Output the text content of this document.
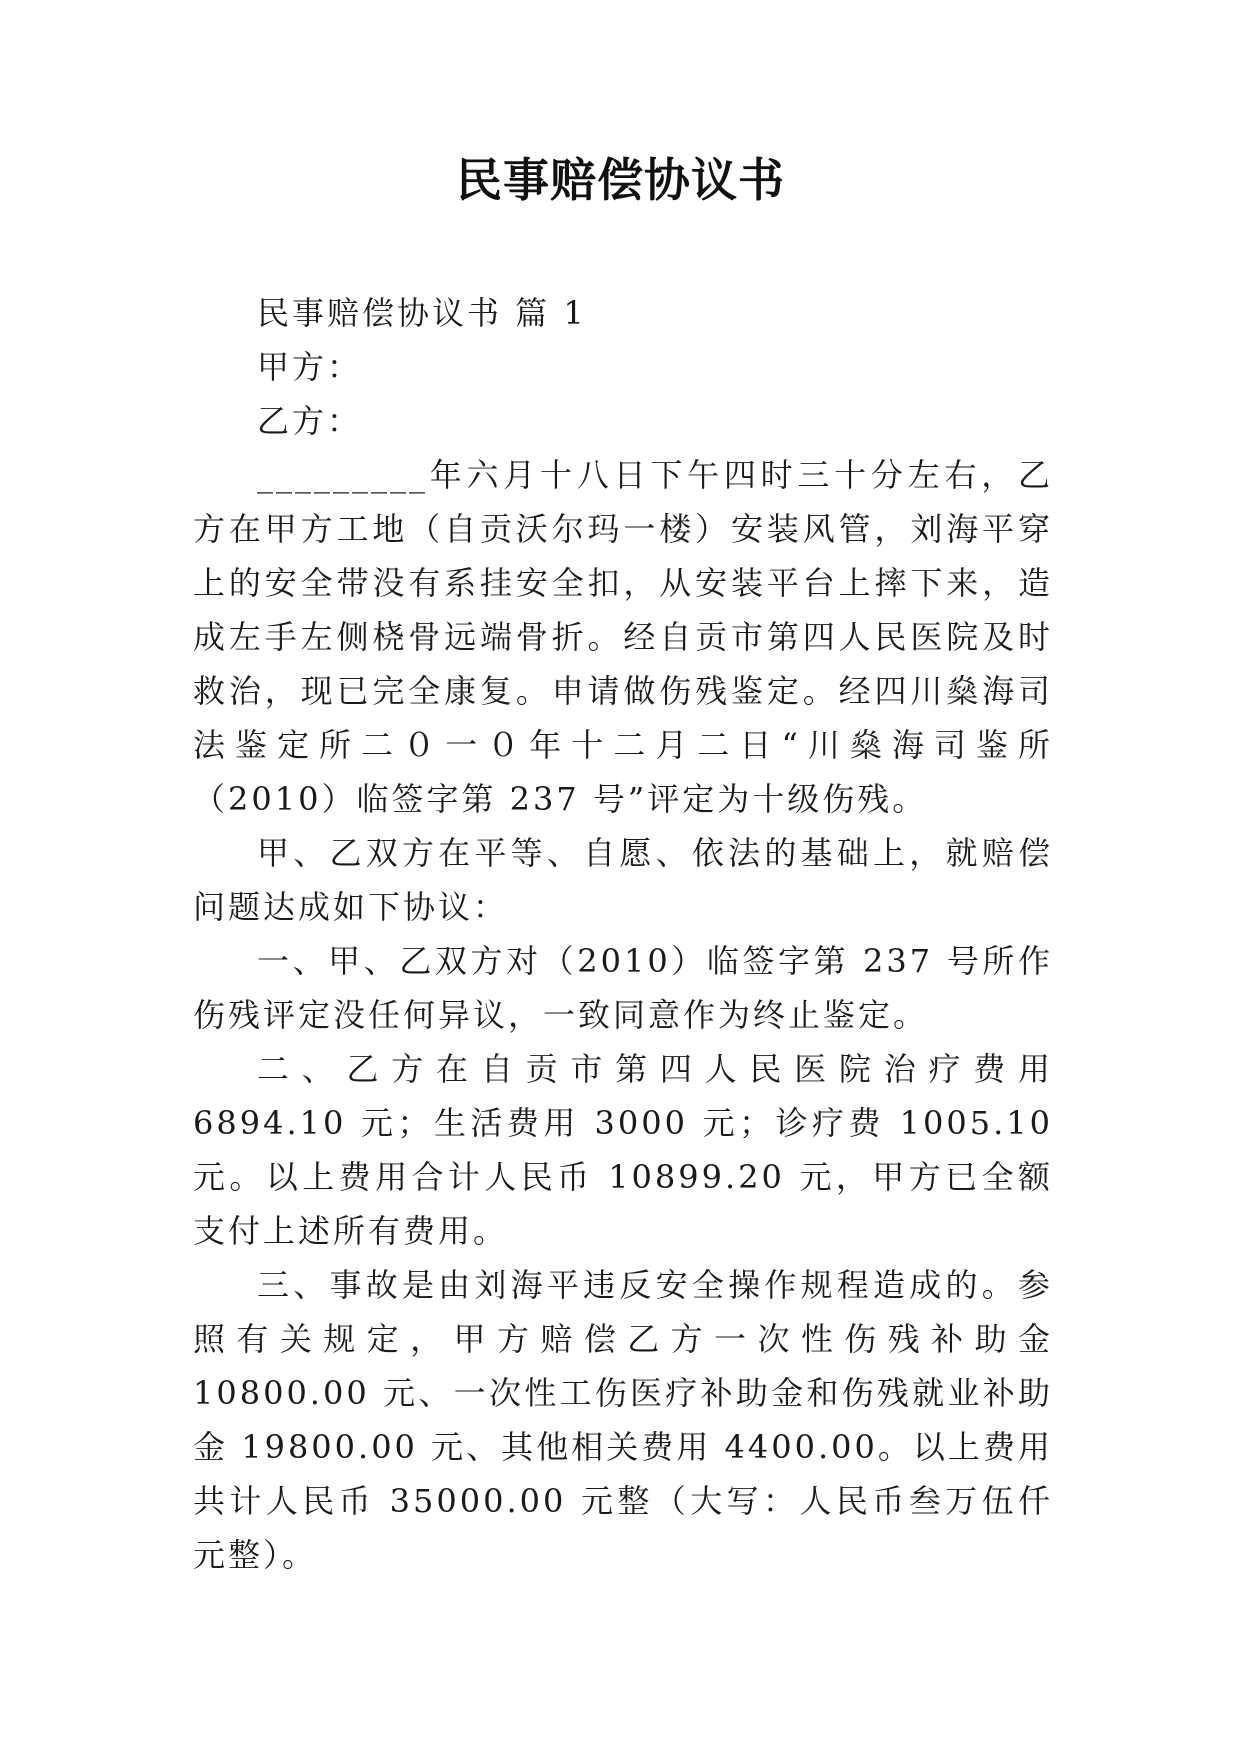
民事赔偿协议书

民事赔偿协议书 篇 1

甲方：

乙方：

_________年六月十八日下午四时三十分左右，乙方在甲方工地（自贡沃尔玛一楼）安装风管，刘海平穿上的安全带没有系挂安全扣，从安装平台上摔下来，造成左手左侧桡骨远端骨折。经自贡市第四人民医院及时救治，现已完全康复。申请做伤残鉴定。经四川燊海司法鉴定所二０一０年十二月二日“川燊海司鉴所（2010）临签字第 237 号”评定为十级伤残。

甲、乙双方在平等、自愿、依法的基础上，就赔偿问题达成如下协议：

一、甲、乙双方对（2010）临签字第 237 号所作伤残评定没任何异议，一致同意作为终止鉴定。

二、乙方在自贡市第四人民医院治疗费用 6894.10 元；生活费用 3000 元；诊疗费 1005.10 元。以上费用合计人民币 10899.20 元，甲方已全额支付上述所有费用。

三、事故是由刘海平违反安全操作规程造成的。参照有关规定，甲方赔偿乙方一次性伤残补助金 10800.00 元、一次性工伤医疗补助金和伤残就业补助金 19800.00 元、其他相关费用 4400.00。以上费用共计人民币 35000.00 元整（大写：人民币叁万伍仟元整）。
